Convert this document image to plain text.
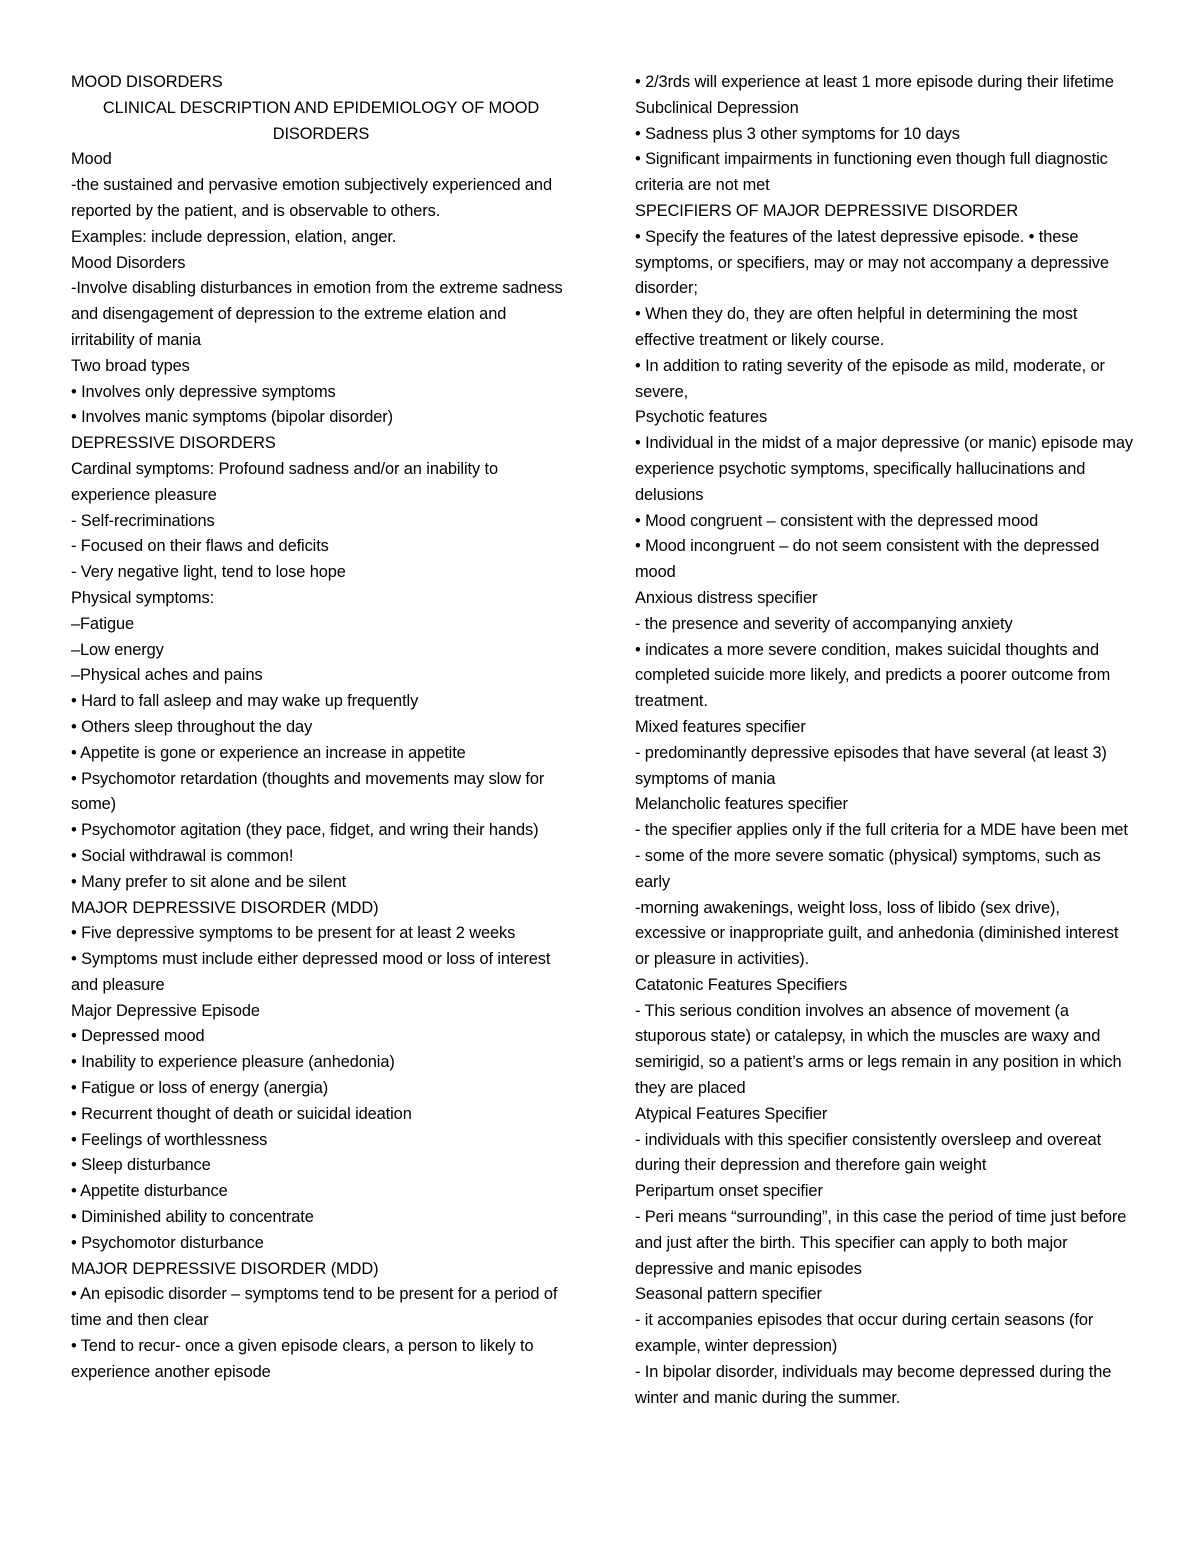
MOOD DISORDERS

CLINICAL DESCRIPTION AND EPIDEMIOLOGY OF MOOD DISORDERS

Mood

-the sustained and pervasive emotion subjectively experienced and reported by the patient, and is observable to others.

Examples: include depression, elation, anger.

Mood Disorders

-Involve disabling disturbances in emotion from the extreme sadness and disengagement of depression to the extreme elation and irritability of mania

Two broad types

• Involves only depressive symptoms

• Involves manic symptoms (bipolar disorder)

DEPRESSIVE DISORDERS

Cardinal symptoms: Profound sadness and/or an inability to experience pleasure

- Self-recriminations

- Focused on their flaws and deficits

- Very negative light, tend to lose hope

Physical symptoms:

–Fatigue

–Low energy

–Physical aches and pains

• Hard to fall asleep and may wake up frequently

• Others sleep throughout the day

• Appetite is gone or experience an increase in appetite

• Psychomotor retardation (thoughts and movements may slow for some)

• Psychomotor agitation (they pace, fidget, and wring their hands)

• Social withdrawal is common!

• Many prefer to sit alone and be silent

MAJOR DEPRESSIVE DISORDER (MDD)

• Five depressive symptoms to be present for at least 2 weeks

• Symptoms must include either depressed mood or loss of interest and pleasure

Major Depressive Episode

• Depressed mood

• Inability to experience pleasure (anhedonia)

• Fatigue or loss of energy (anergia)

• Recurrent thought of death or suicidal ideation

• Feelings of worthlessness

• Sleep disturbance

• Appetite disturbance

• Diminished ability to concentrate

• Psychomotor disturbance

MAJOR DEPRESSIVE DISORDER (MDD)

• An episodic disorder – symptoms tend to be present for a period of time and then clear

• Tend to recur- once a given episode clears, a person to likely to experience another episode

• 2/3rds will experience at least 1 more episode during their lifetime

Subclinical Depression

• Sadness plus 3 other symptoms for 10 days

• Significant impairments in functioning even though full diagnostic criteria are not met

SPECIFIERS OF MAJOR DEPRESSIVE DISORDER

• Specify the features of the latest depressive episode. • these symptoms, or specifiers, may or may not accompany a depressive disorder;

• When they do, they are often helpful in determining the most effective treatment or likely course.

• In addition to rating severity of the episode as mild, moderate, or severe,

Psychotic features

• Individual in the midst of a major depressive (or manic) episode may experience psychotic symptoms, specifically hallucinations and delusions

• Mood congruent – consistent with the depressed mood

• Mood incongruent – do not seem consistent with the depressed mood

Anxious distress specifier

- the presence and severity of accompanying anxiety

• indicates a more severe condition, makes suicidal thoughts and completed suicide more likely, and predicts a poorer outcome from treatment.

Mixed features specifier

- predominantly depressive episodes that have several (at least 3) symptoms of mania

Melancholic features specifier

- the specifier applies only if the full criteria for a MDE have been met

- some of the more severe somatic (physical) symptoms, such as early

-morning awakenings, weight loss, loss of libido (sex drive), excessive or inappropriate guilt, and anhedonia (diminished interest or pleasure in activities).

Catatonic Features Specifiers

- This serious condition involves an absence of movement (a stuporous state) or catalepsy, in which the muscles are waxy and semirigid, so a patient’s arms or legs remain in any position in which they are placed

Atypical Features Specifier

- individuals with this specifier consistently oversleep and overeat during their depression and therefore gain weight

Peripartum onset specifier

- Peri means “surrounding”, in this case the period of time just before and just after the birth. This specifier can apply to both major depressive and manic episodes

Seasonal pattern specifier

- it accompanies episodes that occur during certain seasons (for example, winter depression)

- In bipolar disorder, individuals may become depressed during the winter and manic during the summer.
